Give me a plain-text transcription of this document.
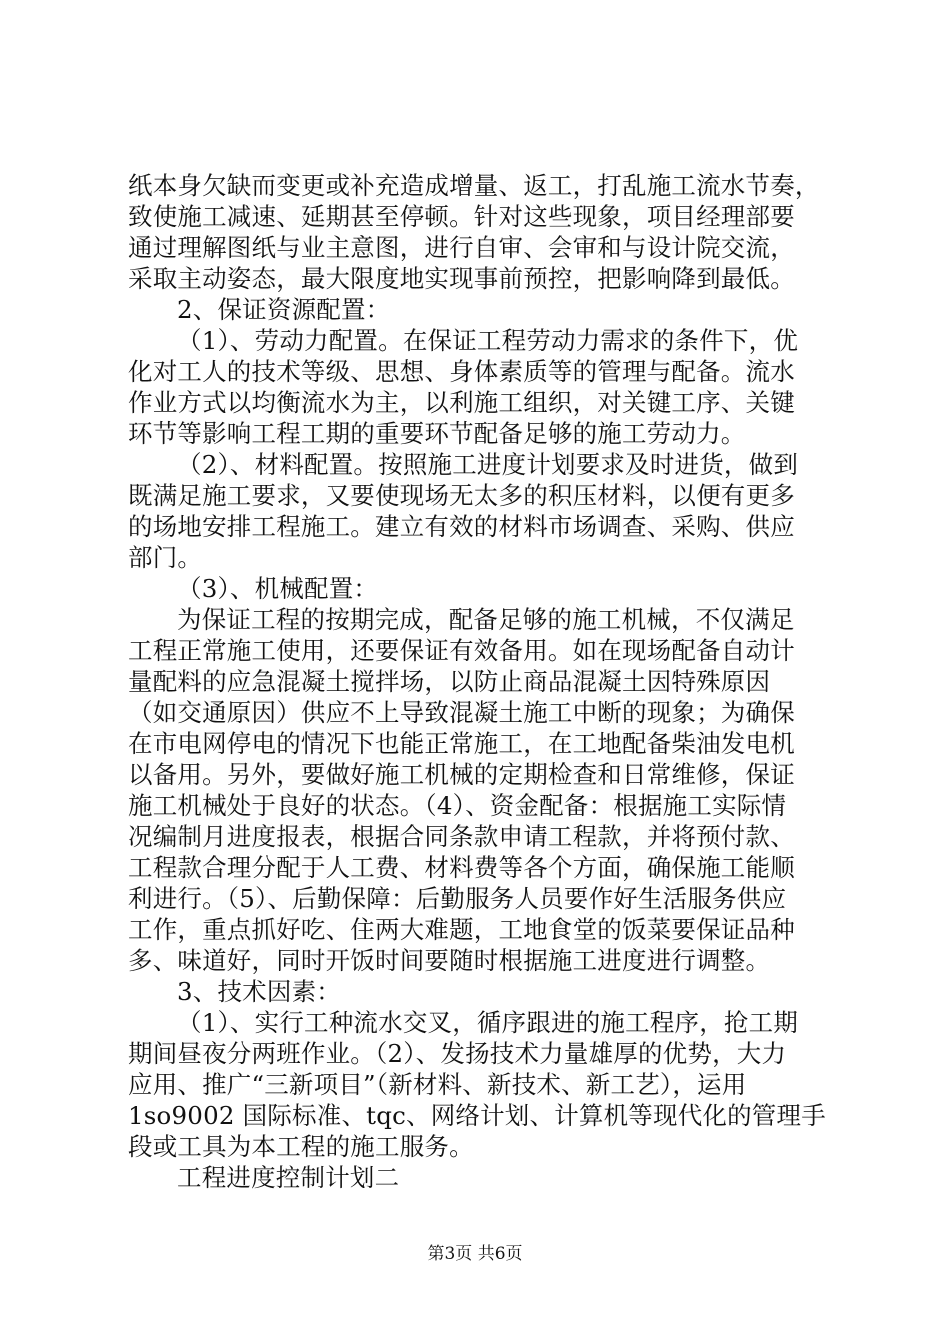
纸本身欠缺而变更或补充造成增量、返工，打乱施工流水节奏，
致使施工减速、延期甚至停顿。针对这些现象，项目经理部要
通过理解图纸与业主意图，进行自审、会审和与设计院交流，
采取主动姿态，最大限度地实现事前预控，把影响降到最低。
2、保证资源配置：
（1）、劳动力配置。在保证工程劳动力需求的条件下，优
化对工人的技术等级、思想、身体素质等的管理与配备。流水
作业方式以均衡流水为主，以利施工组织，对关键工序、关键
环节等影响工程工期的重要环节配备足够的施工劳动力。
（2）、材料配置。按照施工进度计划要求及时进货，做到
既满足施工要求，又要使现场无太多的积压材料，以便有更多
的场地安排工程施工。建立有效的材料市场调查、采购、供应
部门。
（3）、机械配置：
为保证工程的按期完成，配备足够的施工机械，不仅满足
工程正常施工使用，还要保证有效备用。如在现场配备自动计
量配料的应急混凝土搅拌场，以防止商品混凝土因特殊原因
（如交通原因）供应不上导致混凝土施工中断的现象；为确保
在市电网停电的情况下也能正常施工，在工地配备柴油发电机
以备用。另外，要做好施工机械的定期检查和日常维修，保证
施工机械处于良好的状态。（4）、资金配备：根据施工实际情
况编制月进度报表，根据合同条款申请工程款，并将预付款、
工程款合理分配于人工费、材料费等各个方面，确保施工能顺
利进行。（5）、后勤保障：后勤服务人员要作好生活服务供应
工作，重点抓好吃、住两大难题，工地食堂的饭菜要保证品种
多、味道好，同时开饭时间要随时根据施工进度进行调整。
3、技术因素：
（1）、实行工种流水交叉，循序跟进的施工程序，抢工期
期间昼夜分两班作业。（2）、发扬技术力量雄厚的优势，大力
应用、推广“三新项目”（新材料、新技术、新工艺），运用
1so9002 国际标准、tqc、网络计划、计算机等现代化的管理手
段或工具为本工程的施工服务。
工程进度控制计划二
第3页 共6页
